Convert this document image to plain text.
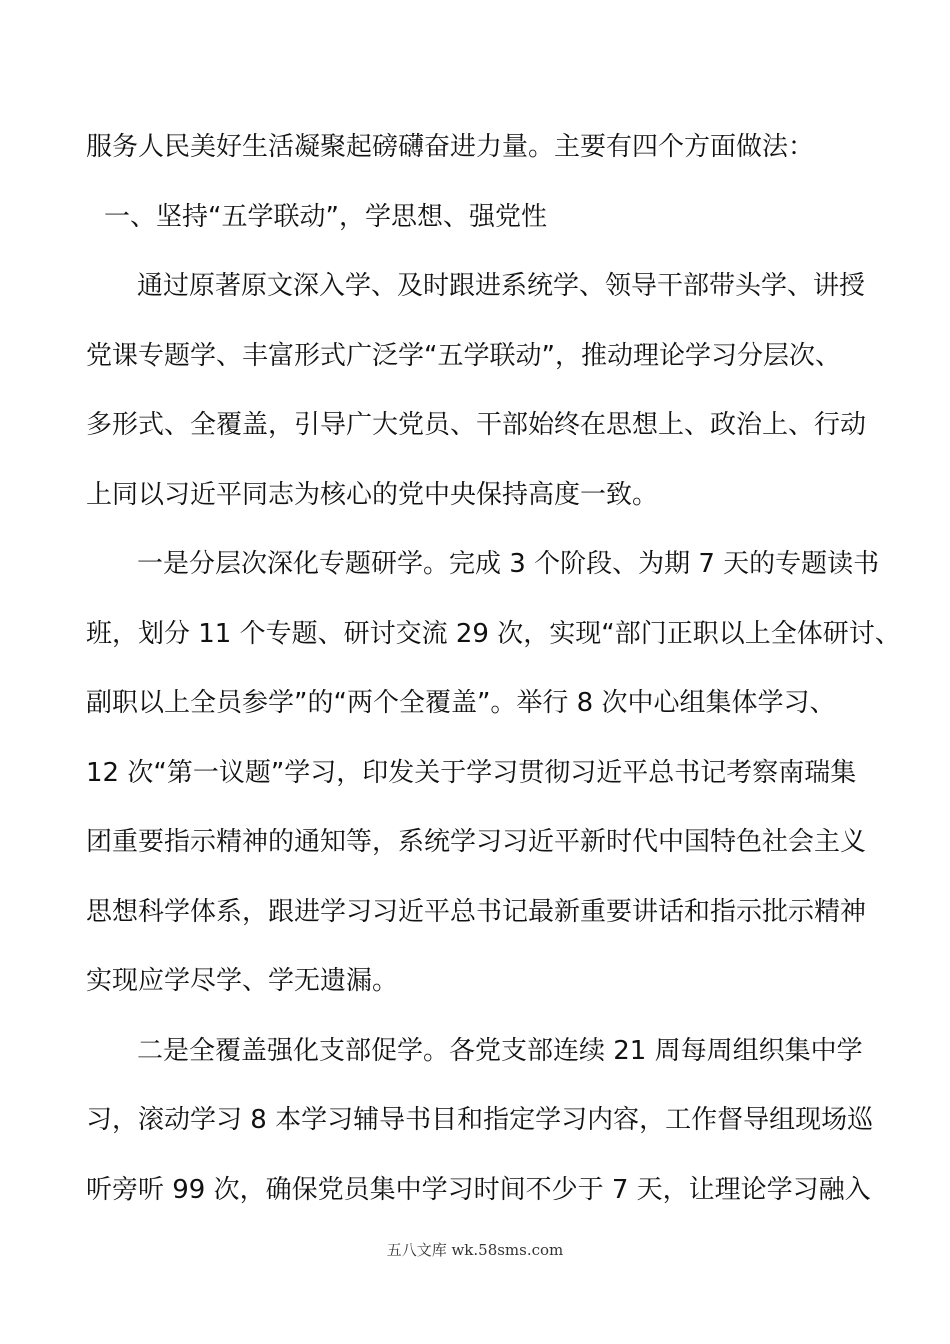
服务人民美好生活凝聚起磅礴奋进力量。主要有四个方面做法：
一、坚持“五学联动”，学思想、强党性
通过原著原文深入学、及时跟进系统学、领导干部带头学、讲授
党课专题学、丰富形式广泛学“五学联动”，推动理论学习分层次、
多形式、全覆盖，引导广大党员、干部始终在思想上、政治上、行动
上同以习近平同志为核心的党中央保持高度一致。
一是分层次深化专题研学。完成 3 个阶段、为期 7 天的专题读书
班，划分 11 个专题、研讨交流 29 次，实现“部门正职以上全体研讨、
副职以上全员参学”的“两个全覆盖”。举行 8 次中心组集体学习、
12 次“第一议题”学习，印发关于学习贯彻习近平总书记考察南瑞集
团重要指示精神的通知等，系统学习习近平新时代中国特色社会主义
思想科学体系，跟进学习习近平总书记最新重要讲话和指示批示精神
实现应学尽学、学无遗漏。
二是全覆盖强化支部促学。各党支部连续 21 周每周组织集中学
习，滚动学习 8 本学习辅导书目和指定学习内容，工作督导组现场巡
听旁听 99 次，确保党员集中学习时间不少于 7 天，让理论学习融入
五八文库 wk.58sms.com
